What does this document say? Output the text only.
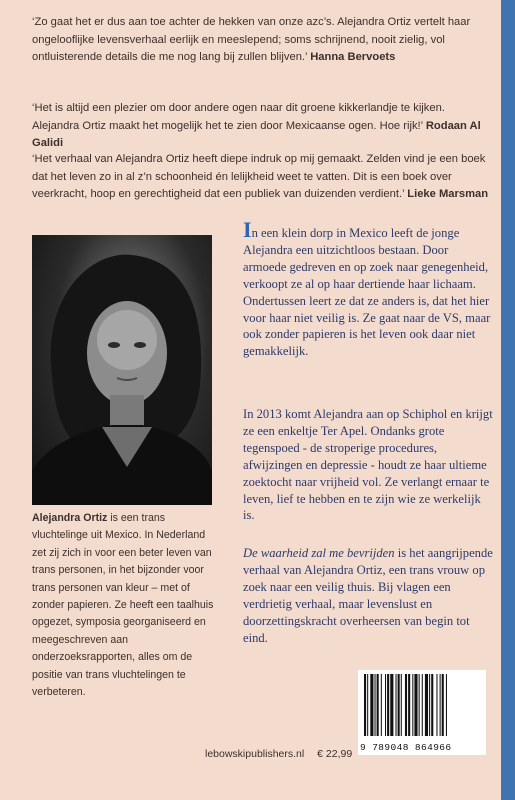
‘Zo gaat het er dus aan toe achter de hekken van onze azc’s. Alejandra Ortiz vertelt haar ongelooflijke levensverhaal eerlijk en meeslepend; soms schrijnend, nooit zielig, vol ontluisterende details die me nog lang bij zullen blijven.’ Hanna Bervoets
‘Het is altijd een plezier om door andere ogen naar dit groene kikkerlandje te kijken. Alejandra Ortiz maakt het mogelijk het te zien door Mexicaanse ogen. Hoe rijk!’ Rodaan Al Galidi
‘Het verhaal van Alejandra Ortiz heeft diepe indruk op mij gemaakt. Zelden vind je een boek dat het leven zo in al z’n schoonheid én lelijkheid weet te vatten. Dit is een boek over veerkracht, hoop en gerechtigheid dat een publiek van duizenden verdient.’ Lieke Marsman
Alejandra Ortiz is een trans vluchtelinge uit Mexico. In Nederland zet zij zich in voor een beter leven van trans personen, in het bijzonder voor trans personen van kleur – met of zonder papieren. Ze heeft een taalhuis opgezet, symposia georganiseerd en meegeschreven aan onderzoeksrapporten, alles om de positie van trans vluchtelingen te verbeteren.
In een klein dorp in Mexico leeft de jonge Alejandra een uitzichtloos bestaan. Door armoede gedreven en op zoek naar genegenheid, verkoopt ze al op haar dertiende haar lichaam. Ondertussen leert ze dat ze anders is, dat het hier voor haar niet veilig is. Ze gaat naar de VS, maar ook zonder papieren is het leven ook daar niet gemakkelijk.
In 2013 komt Alejandra aan op Schiphol en krijgt ze een enkeltje Ter Apel. Ondanks grote tegenspoed - de stroperige procedures, afwijzingen en depressie - houdt ze haar ultieme zoektocht naar vrijheid vol. Ze verlangt ernaar te leven, lief te hebben en te zijn wie ze werkelijk is.
De waarheid zal me bevrijden is het aangrijpende verhaal van Alejandra Ortiz, een trans vrouw op zoek naar een veilig thuis. Bij vlagen een verdrietig verhaal, maar levenslust en doorzettingskracht overheersen van begin tot eind.
9 789048 864966
lebowskipublishers.nl € 22,99
